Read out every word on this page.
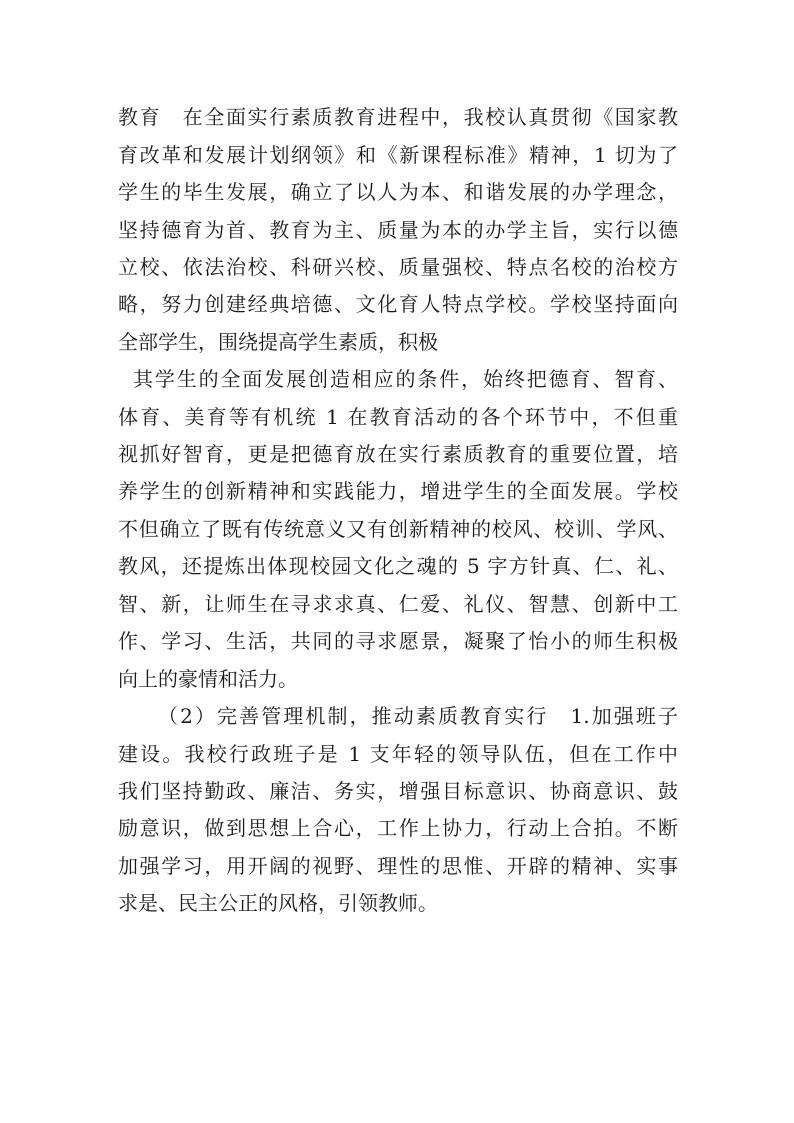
教育　在全面实行素质教育进程中，我校认真贯彻《国家教

育改革和发展计划纲领》和《新课程标准》精神，1 切为了

学生的毕生发展，确立了以人为本、和谐发展的办学理念，

坚持德育为首、教育为主、质量为本的办学主旨，实行以德

立校、依法治校、科研兴校、质量强校、特点名校的治校方

略，努力创建经典培德、文化育人特点学校。学校坚持面向

全部学生，围绕提高学生素质，积极

其学生的全面发展创造相应的条件，始终把德育、智育、

体育、美育等有机统 1 在教育活动的各个环节中，不但重

视抓好智育，更是把德育放在实行素质教育的重要位置，培

养学生的创新精神和实践能力，增进学生的全面发展。学校

不但确立了既有传统意义又有创新精神的校风、校训、学风、

教风，还提炼出体现校园文化之魂的 5 字方针真、仁、礼、

智、新，让师生在寻求求真、仁爱、礼仪、智慧、创新中工

作、学习、生活，共同的寻求愿景，凝聚了怡小的师生积极

向上的豪情和活力。

（2）完善管理机制，推动素质教育实行　1.加强班子

建设。我校行政班子是 1 支年轻的领导队伍，但在工作中

我们坚持勤政、廉洁、务实，增强目标意识、协商意识、鼓

励意识，做到思想上合心，工作上协力，行动上合拍。不断

加强学习，用开阔的视野、理性的思惟、开辟的精神、实事

求是、民主公正的风格，引领教师。
